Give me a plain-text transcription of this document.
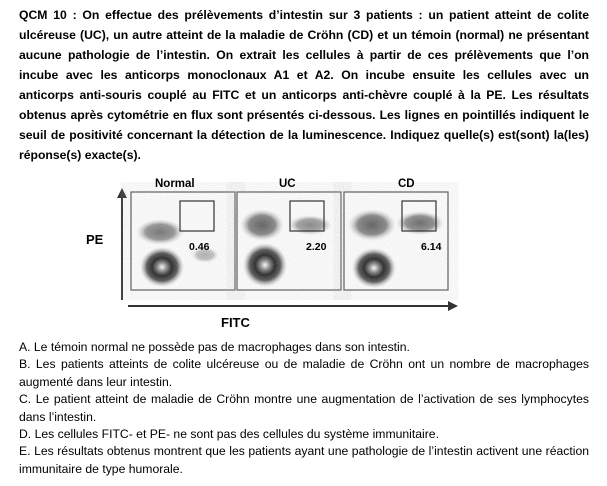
QCM 10 : On effectue des prélèvements d’intestin sur 3 patients : un patient atteint de colite ulcéreuse (UC), un autre atteint de la maladie de Cröhn (CD) et un témoin (normal) ne présentant aucune pathologie de l’intestin. On extrait les cellules à partir de ces prélèvements que l’on incube avec les anticorps monoclonaux A1 et A2. On incube ensuite les cellules avec un anticorps anti-souris couplé au FITC et un anticorps anti-chèvre couplé à la PE. Les résultats obtenus après cytométrie en flux sont présentés ci-dessous. Les lignes en pointillés indiquent le seuil de positivité concernant la détection de la luminescence. Indiquez quelle(s) est(sont) la(les) réponse(s) exacte(s).
Normal	UC	CD
0.46	2.20	6.14
PE
FITC

A. Le témoin normal ne possède pas de macrophages dans son intestin.

B. Les patients atteints de colite ulcéreuse ou de maladie de Cröhn ont un nombre de macrophages augmenté dans leur intestin.

C. Le patient atteint de maladie de Cröhn montre une augmentation de l’activation de ses lymphocytes dans l’intestin.

D. Les cellules FITC- et PE- ne sont pas des cellules du système immunitaire.

E. Les résultats obtenus montrent que les patients ayant une pathologie de l’intestin activent une réaction immunitaire de type humorale.
